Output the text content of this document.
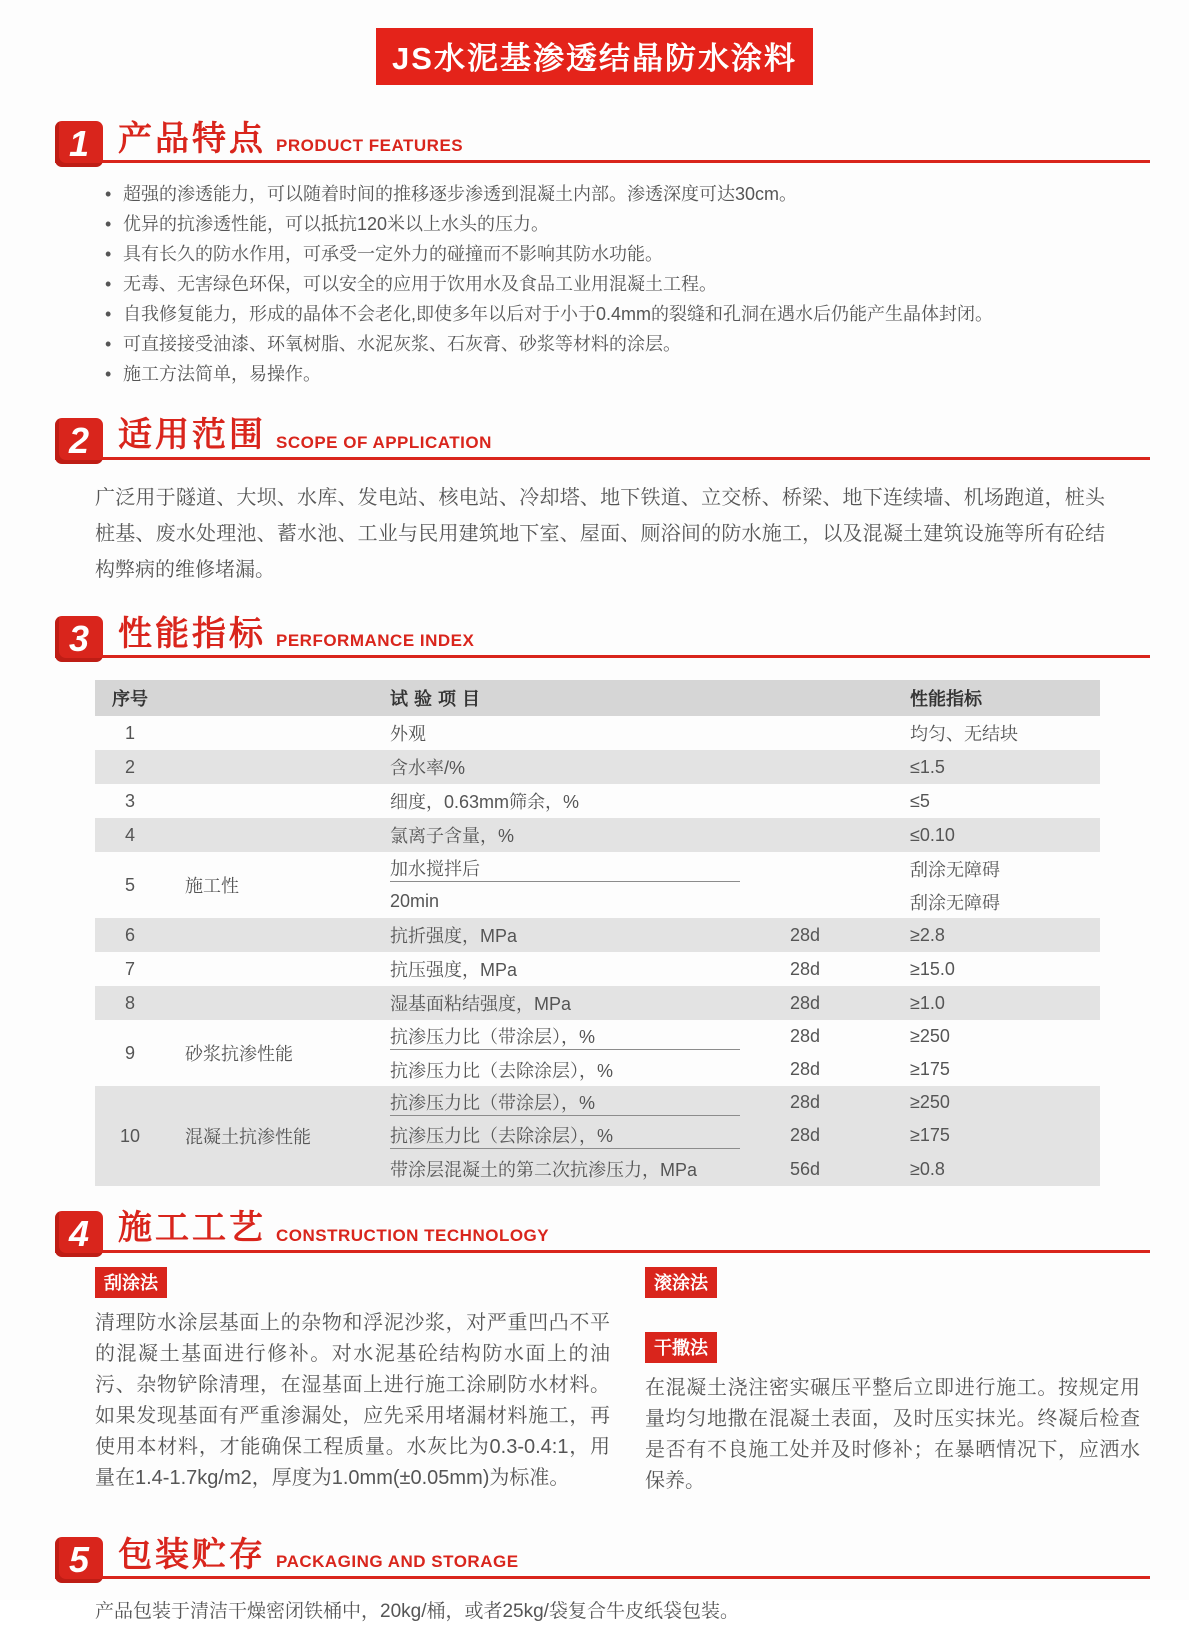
JS水泥基渗透结晶防水涂料
1 产品特点 PRODUCT FEATURES
• 超强的渗透能力，可以随着时间的推移逐步渗透到混凝土内部。渗透深度可达30cm。
• 优异的抗渗透性能，可以抵抗120米以上水头的压力。
• 具有长久的防水作用，可承受一定外力的碰撞而不影响其防水功能。
• 无毒、无害绿色环保，可以安全的应用于饮用水及食品工业用混凝土工程。
• 自我修复能力，形成的晶体不会老化,即使多年以后对于小于0.4mm的裂缝和孔洞在遇水后仍能产生晶体封闭。
• 可直接接受油漆、环氧树脂、水泥灰浆、石灰膏、砂浆等材料的涂层。
• 施工方法简单，易操作。
2 适用范围 SCOPE OF APPLICATION

广泛用于隧道、大坝、水库、发电站、核电站、冷却塔、地下铁道、立交桥、桥梁、地下连续墙、机场跑道，桩头桩基、废水处理池、蓄水池、工业与民用建筑地下室、屋面、厕浴间的防水施工，以及混凝土建筑设施等所有砼结构弊病的维修堵漏。

3 性能指标 PERFORMANCE INDEX
序号	试验项目	性能指标
1	外观	均匀、无结块
2	含水率/%	≤1.5
3	细度，0.63mm筛余，%	≤5
4	氯离子含量，%	≤0.10
5	施工性
加水搅拌后	刮涂无障碍
20min	刮涂无障碍
6	抗折强度，MPa	28d	≥2.8
7	抗压强度，MPa	28d	≥15.0
8	湿基面粘结强度，MPa	28d	≥1.0
9	砂浆抗渗性能
抗渗压力比（带涂层），%	28d	≥250
抗渗压力比（去除涂层），%	28d	≥175
10	混凝土抗渗性能
抗渗压力比（带涂层），%	28d	≥250
抗渗压力比（去除涂层），%	28d	≥175
带涂层混凝土的第二次抗渗压力，MPa	56d	≥0.8
4 施工工艺 CONSTRUCTION TECHNOLOGY
刮涂法

清理防水涂层基面上的杂物和浮泥沙浆，对严重凹凸不平的混凝土基面进行修补。对水泥基砼结构防水面上的油污、杂物铲除清理，在湿基面上进行施工涂刷防水材料。如果发现基面有严重渗漏处，应先采用堵漏材料施工，再使用本材料，才能确保工程质量。水灰比为0.3-0.4:1，用量在1.4-1.7kg/m2，厚度为1.0mm(±0.05mm)为标准。

滚涂法
干撒法

在混凝土浇注密实碾压平整后立即进行施工。按规定用量均匀地撒在混凝土表面，及时压实抹光。终凝后检查是否有不良施工处并及时修补；在暴晒情况下，应洒水保养。

5 包装贮存 PACKAGING AND STORAGE

产品包装于清洁干燥密闭铁桶中，20kg/桶，或者25kg/袋复合牛皮纸袋包装。
